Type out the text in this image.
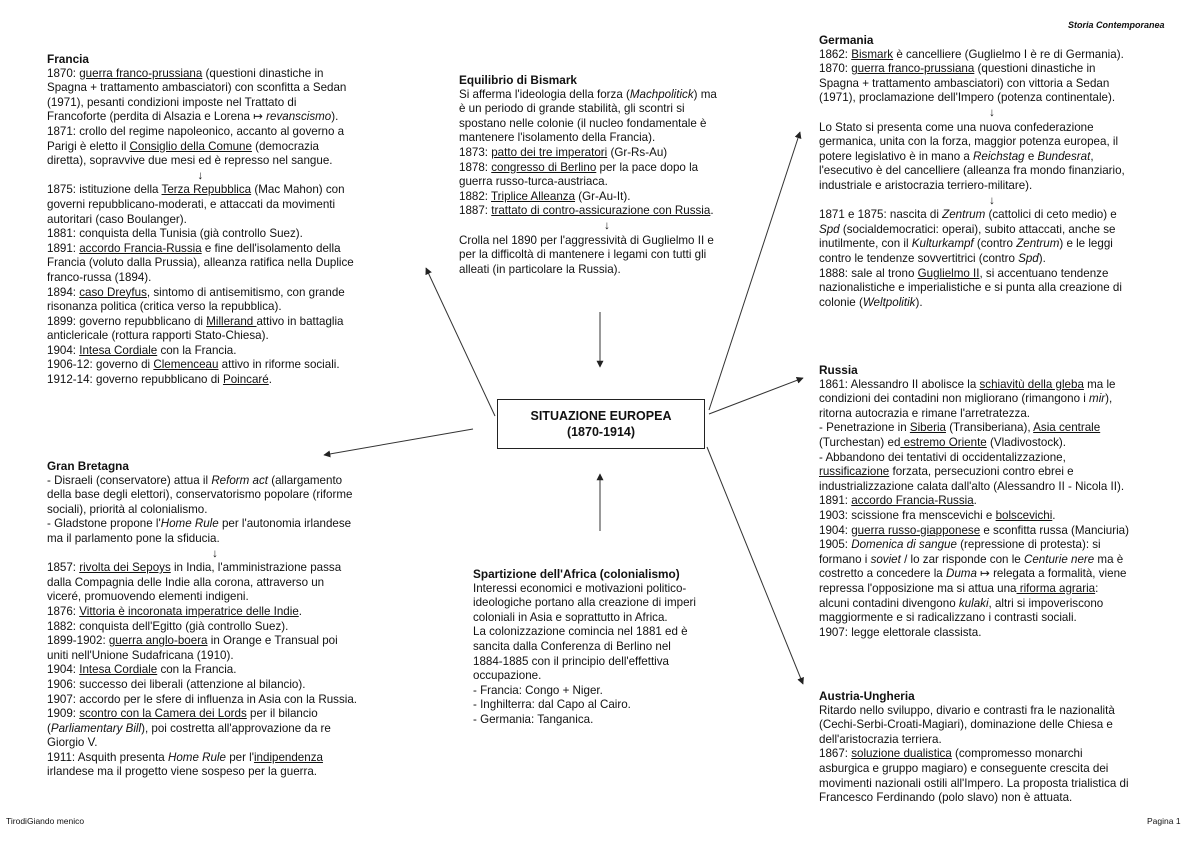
Storia Contemporanea
SITUAZIONE EUROPEA
(1870-1914)
Francia

1870: guerra franco-prussiana (questioni dinastiche in

Spagna + trattamento ambasciatori) con sconfitta a Sedan

(1971), pesanti condizioni imposte nel Trattato di

Francoforte (perdita di Alsazia e Lorena ↦ revanscismo).

1871: crollo del regime napoleonico, accanto al governo a

Parigi è eletto il Consiglio della Comune (democrazia

diretta), sopravvive due mesi ed è represso nel sangue.

↓

1875: istituzione della Terza Repubblica (Mac Mahon) con

governi repubblicano-moderati, e attaccati da movimenti

autoritari (caso Boulanger).

1881: conquista della Tunisia (già controllo Suez).

1891: accordo Francia-Russia e fine dell'isolamento della

Francia (voluto dalla Prussia), alleanza ratifica nella Duplice

franco-russa (1894).

1894: caso Dreyfus, sintomo di antisemitismo, con grande

risonanza politica (critica verso la repubblica).

1899: governo repubblicano di Millerand attivo in battaglia

anticlericale (rottura rapporti Stato-Chiesa).

1904: Intesa Cordiale con la Francia.

1906-12: governo di Clemenceau attivo in riforme sociali.

1912-14: governo repubblicano di Poincaré.

Equilibrio di Bismark

Si afferma l'ideologia della forza (Machpolitick) ma

è un periodo di grande stabilità, gli scontri si

spostano nelle colonie (il nucleo fondamentale è

mantenere l'isolamento della Francia).

1873: patto dei tre imperatori (Gr-Rs-Au)

1878: congresso di Berlino per la pace dopo la

guerra russo-turca-austriaca.

1882: Triplice Alleanza (Gr-Au-It).

1887: trattato di contro-assicurazione con Russia.

↓

Crolla nel 1890 per l'aggressività di Guglielmo II e

per la difficoltà di mantenere i legami con tutti gli

alleati (in particolare la Russia).

Germania

1862: Bismark è cancelliere (Guglielmo I è re di Germania).

1870: guerra franco-prussiana (questioni dinastiche in

Spagna + trattamento ambasciatori) con vittoria a Sedan

(1971), proclamazione dell'Impero (potenza continentale).

↓

Lo Stato si presenta come una nuova confederazione

germanica, unita con la forza, maggior potenza europea, il

potere legislativo è in mano a Reichstag e Bundesrat,

l'esecutivo è del cancelliere (alleanza fra mondo finanziario,

industriale e aristocrazia terriero-militare).

↓

1871 e 1875: nascita di Zentrum (cattolici di ceto medio) e

Spd (socialdemocratici: operai), subito attaccati, anche se

inutilmente, con il Kulturkampf (contro Zentrum) e le leggi

contro le tendenze sovvertitrici (contro Spd).

1888: sale al trono Guglielmo II, si accentuano tendenze

nazionalistiche e imperialistiche e si punta alla creazione di

colonie (Weltpolitik).

Russia

1861: Alessandro II abolisce la schiavitù della gleba ma le

condizioni dei contadini non migliorano (rimangono i mir),

ritorna autocrazia e rimane l'arretratezza.

- Penetrazione in Siberia (Transiberiana), Asia centrale

(Turchestan) ed estremo Oriente (Vladivostock).

- Abbandono dei tentativi di occidentalizzazione,

russificazione forzata, persecuzioni contro ebrei e

industrializzazione calata dall'alto (Alessandro II - Nicola II).

1891: accordo Francia-Russia.

1903: scissione fra menscevichi e bolscevichi.

1904: guerra russo-giapponese e sconfitta russa (Manciuria)

1905: Domenica di sangue (repressione di protesta): si

formano i soviet / lo zar risponde con le Centurie nere ma è

costretto a concedere la Duma ↦ relegata a formalità, viene

repressa l'opposizione ma si attua una riforma agraria:

alcuni contadini divengono kulaki, altri si impoveriscono

maggiormente e si radicalizzano i contrasti sociali.

1907: legge elettorale classista.

Austria-Ungheria

Ritardo nello sviluppo, divario e contrasti fra le nazionalità

(Cechi-Serbi-Croati-Magiari), dominazione delle Chiesa e

dell'aristocrazia terriera.

1867: soluzione dualistica (compromesso monarchi

asburgica e gruppo magiaro) e conseguente crescita dei

movimenti nazionali ostili all'Impero. La proposta trialistica di

Francesco Ferdinando (polo slavo) non è attuata.

Spartizione dell'Africa (colonialismo)

Interessi economici e motivazioni politico-

ideologiche portano alla creazione di imperi

coloniali in Asia e soprattutto in Africa.

La colonizzazione comincia nel 1881 ed è

sancita dalla Conferenza di Berlino nel

1884-1885 con il principio dell'effettiva

occupazione.

- Francia: Congo + Niger.

- Inghilterra: dal Capo al Cairo.

- Germania: Tanganica.

Gran Bretagna

- Disraeli (conservatore) attua il Reform act (allargamento

della base degli elettori), conservatorismo popolare (riforme

sociali), priorità al colonialismo.

- Gladstone propone l'Home Rule per l'autonomia irlandese

ma il parlamento pone la sfiducia.

↓

1857: rivolta dei Sepoys in India, l'amministrazione passa

dalla Compagnia delle Indie alla corona, attraverso un

viceré, promuovendo elementi indigeni.

1876: Vittoria è incoronata imperatrice delle Indie.

1882: conquista dell'Egitto (già controllo Suez).

1899-1902: guerra anglo-boera in Orange e Transual poi

uniti nell'Unione Sudafricana (1910).

1904: Intesa Cordiale con la Francia.

1906: successo dei liberali (attenzione al bilancio).

1907: accordo per le sfere di influenza in Asia con la Russia.

1909: scontro con la Camera dei Lords per il bilancio

(Parliamentary Bill), poi costretta all'approvazione da re

Giorgio V.

1911: Asquith presenta Home Rule per l'indipendenza

irlandese ma il progetto viene sospeso per la guerra.

TirodiGiando menico	Pagina 1
